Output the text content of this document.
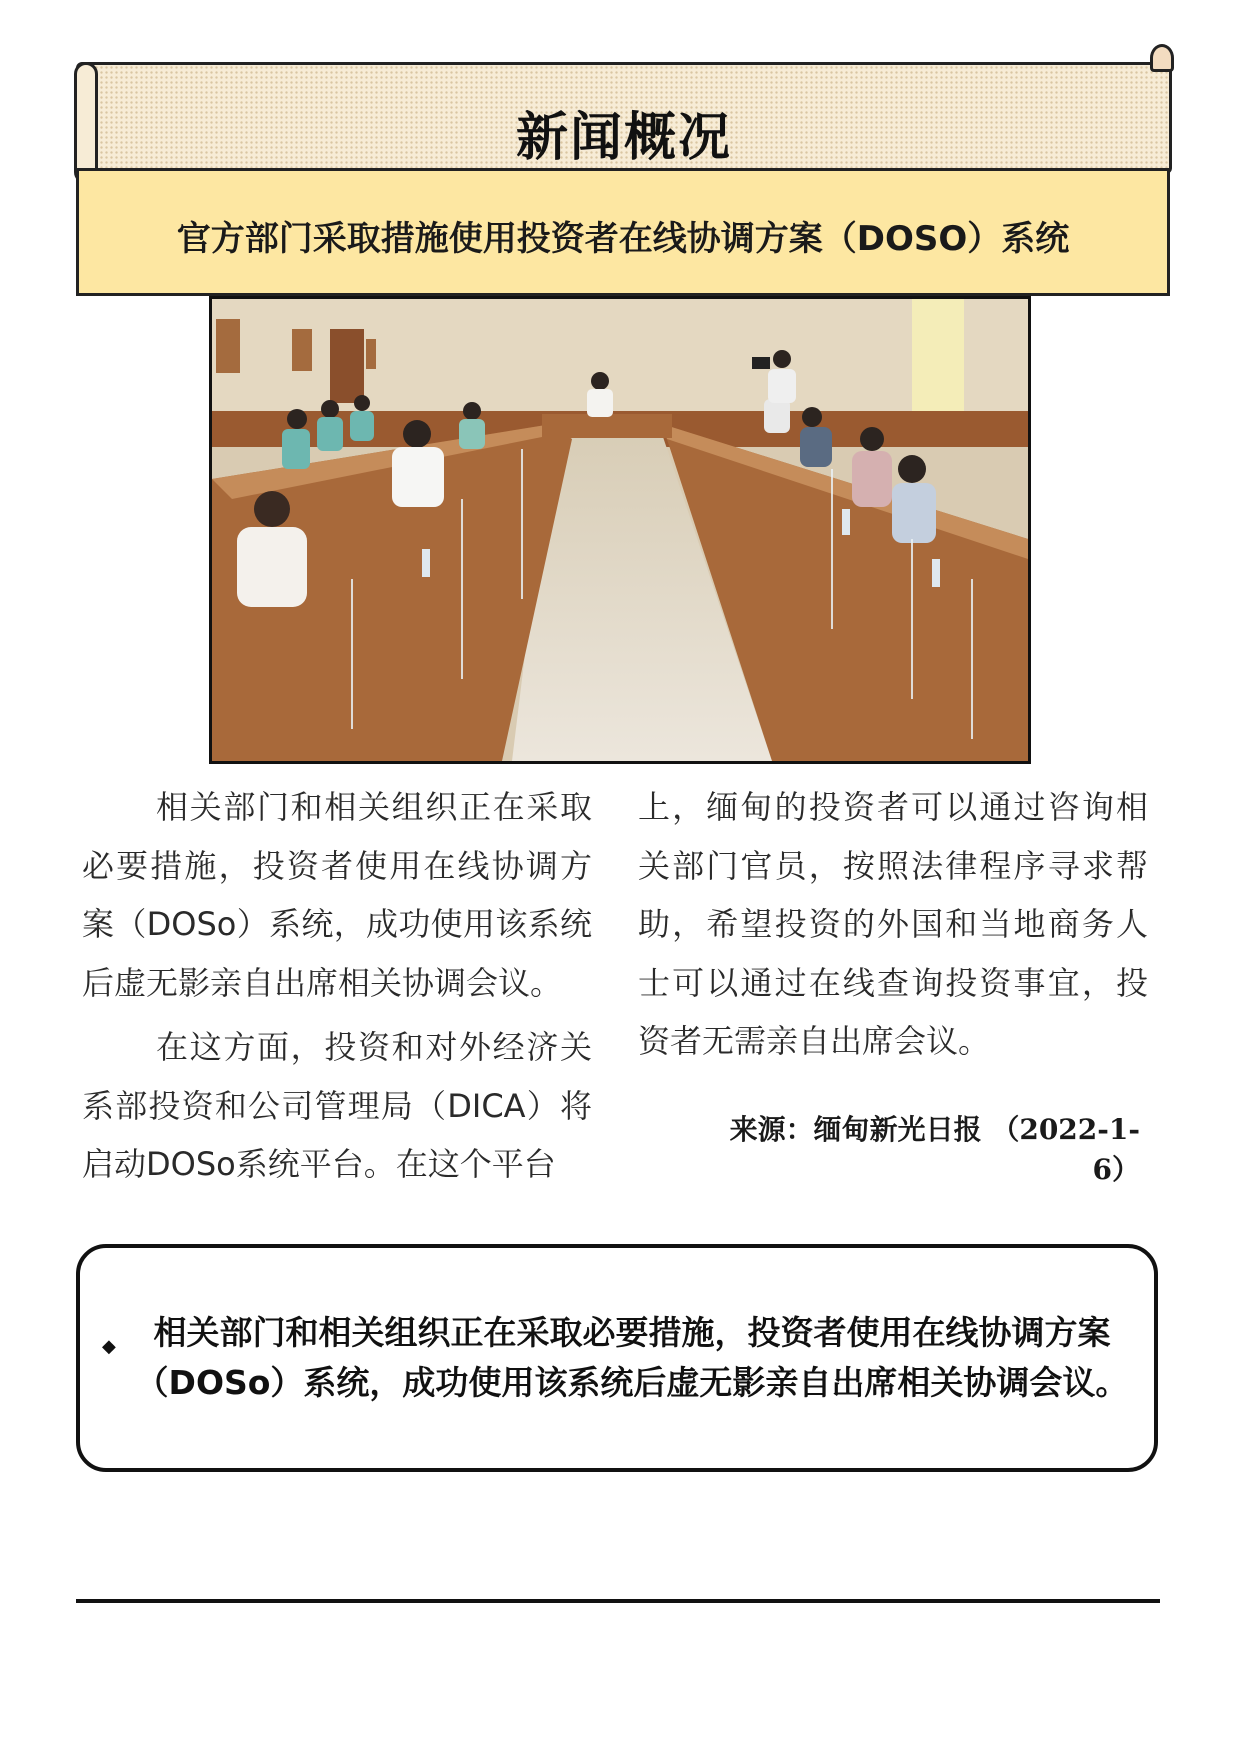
新闻概况
官方部门采取措施使用投资者在线协调方案（DOSO）系统

相关部门和相关组织正在采取必要措施，投资者使用在线协调方案（DOSo）系统，成功使用该系统后虚无影亲自出席相关协调会议。

在这方面，投资和对外经济关系部投资和公司管理局（DICA）将启动DOSo系统平台。在这个平台

上，缅甸的投资者可以通过咨询相关部门官员，按照法律程序寻求帮助，希望投资的外国和当地商务人士可以通过在线查询投资事宜，投资者无需亲自出席会议。

来源：缅甸新光日报 （2022-1-6）
◆	相关部门和相关组织正在采取必要措施，投资者使用在线协调方案（DOSo）系统，成功使用该系统后虚无影亲自出席相关协调会议。
